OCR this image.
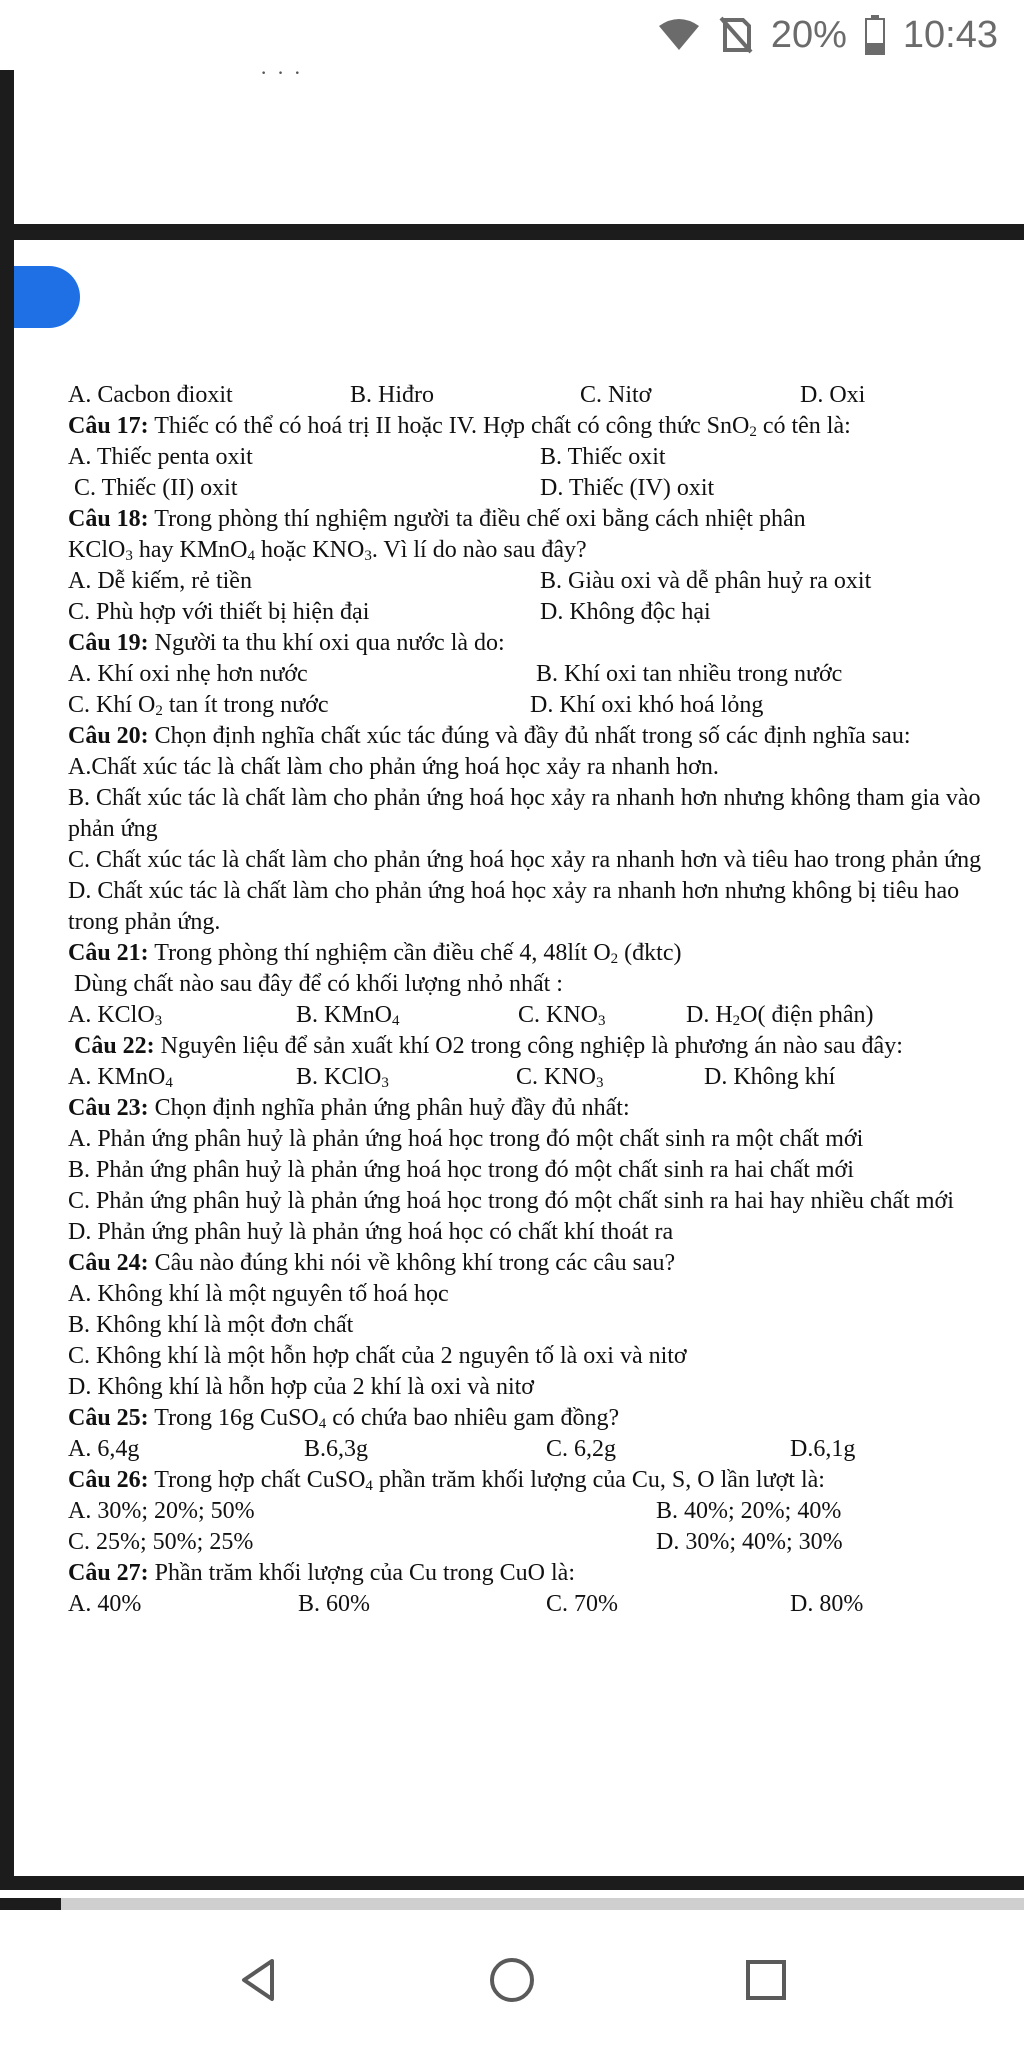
20% 10:43
· · ·
A. Cacbon đioxit	B. Hiđro	C. Nitơ	D. Oxi
Câu 17: Thiếc có thể có hoá trị II hoặc IV. Hợp chất có công thức SnO$_2$ có tên là:
A. Thiếc penta oxit	B. Thiếc oxit
C. Thiếc (II) oxit	D. Thiếc (IV) oxit
Câu 18: Trong phòng thí nghiệm người ta điều chế oxi bằng cách nhiệt phân
KClO$_3$ hay KMnO$_4$ hoặc $KNO_3$. Vì lí do nào sau đây?
A. Dễ kiếm, rẻ tiền	B. Giàu oxi và dễ phân huỷ ra oxit
C. Phù hợp với thiết bị hiện đại	D. Không độc hại
Câu 19: Người ta thu khí oxi qua nước là do:
A. Khí oxi nhẹ hơn nước	B. Khí oxi tan nhiều trong nước
C. Khí $O_2$ tan ít trong nước	D. Khí oxi khó hoá lỏng
Câu 20: Chọn định nghĩa chất xúc tác đúng và đầy đủ nhất trong số các định nghĩa sau:
A.Chất xúc tác là chất làm cho phản ứng hoá học xảy ra nhanh hơn.
B. Chất xúc tác là chất làm cho phản ứng hoá học xảy ra nhanh hơn nhưng không tham gia vào phản ứng
C. Chất xúc tác là chất làm cho phản ứng hoá học xảy ra nhanh hơn và tiêu hao trong phản ứng
D. Chất xúc tác là chất làm cho phản ứng hoá học xảy ra nhanh hơn nhưng không bị tiêu hao trong phản ứng.
Câu 21: Trong phòng thí nghiệm cần điều chế 4, 48lít $O_2$ (đktc)
Dùng chất nào sau đây để có khối lượng nhỏ nhất :
A. KClO$_3$	B. KMnO$_4$	C. $KNO_3$	D. $H_2O$( điện phân)
Câu 22: Nguyên liệu để sản xuất khí O2 trong công nghiệp là phương án nào sau đây:
A. KMnO$_4$	B. KClO$_3$	C. $KNO_3$	D. Không khí
Câu 23: Chọn định nghĩa phản ứng phân huỷ đầy đủ nhất:
A. Phản ứng phân huỷ là phản ứng hoá học trong đó một chất sinh ra một chất mới
B. Phản ứng phân huỷ là phản ứng hoá học trong đó một chất sinh ra hai chất mới
C. Phản ứng phân huỷ là phản ứng hoá học trong đó một chất sinh ra hai hay nhiều chất mới
D. Phản ứng phân huỷ là phản ứng hoá học có chất khí thoát ra
Câu 24: Câu nào đúng khi nói về không khí trong các câu sau?
A. Không khí là một nguyên tố hoá học
B. Không khí là một đơn chất
C. Không khí là một hỗn hợp chất của 2 nguyên tố là oxi và nitơ
D. Không khí là hỗn hợp của 2 khí là oxi và nitơ
Câu 25: Trong 16g CuSO$_4$ có chứa bao nhiêu gam đồng?
A. 6,4g	B.6,3g	C. 6,2g	D.6,1g
Câu 26: Trong hợp chất CuSO$_4$ phần trăm khối lượng của Cu, S, O lần lượt là:
A. 30%; 20%; 50%	B. 40%; 20%; 40%
C. 25%; 50%; 25%	D. 30%; 40%; 30%
Câu 27: Phần trăm khối lượng của Cu trong CuO là:
A. 40%	B. 60%	C. 70%	D. 80%
